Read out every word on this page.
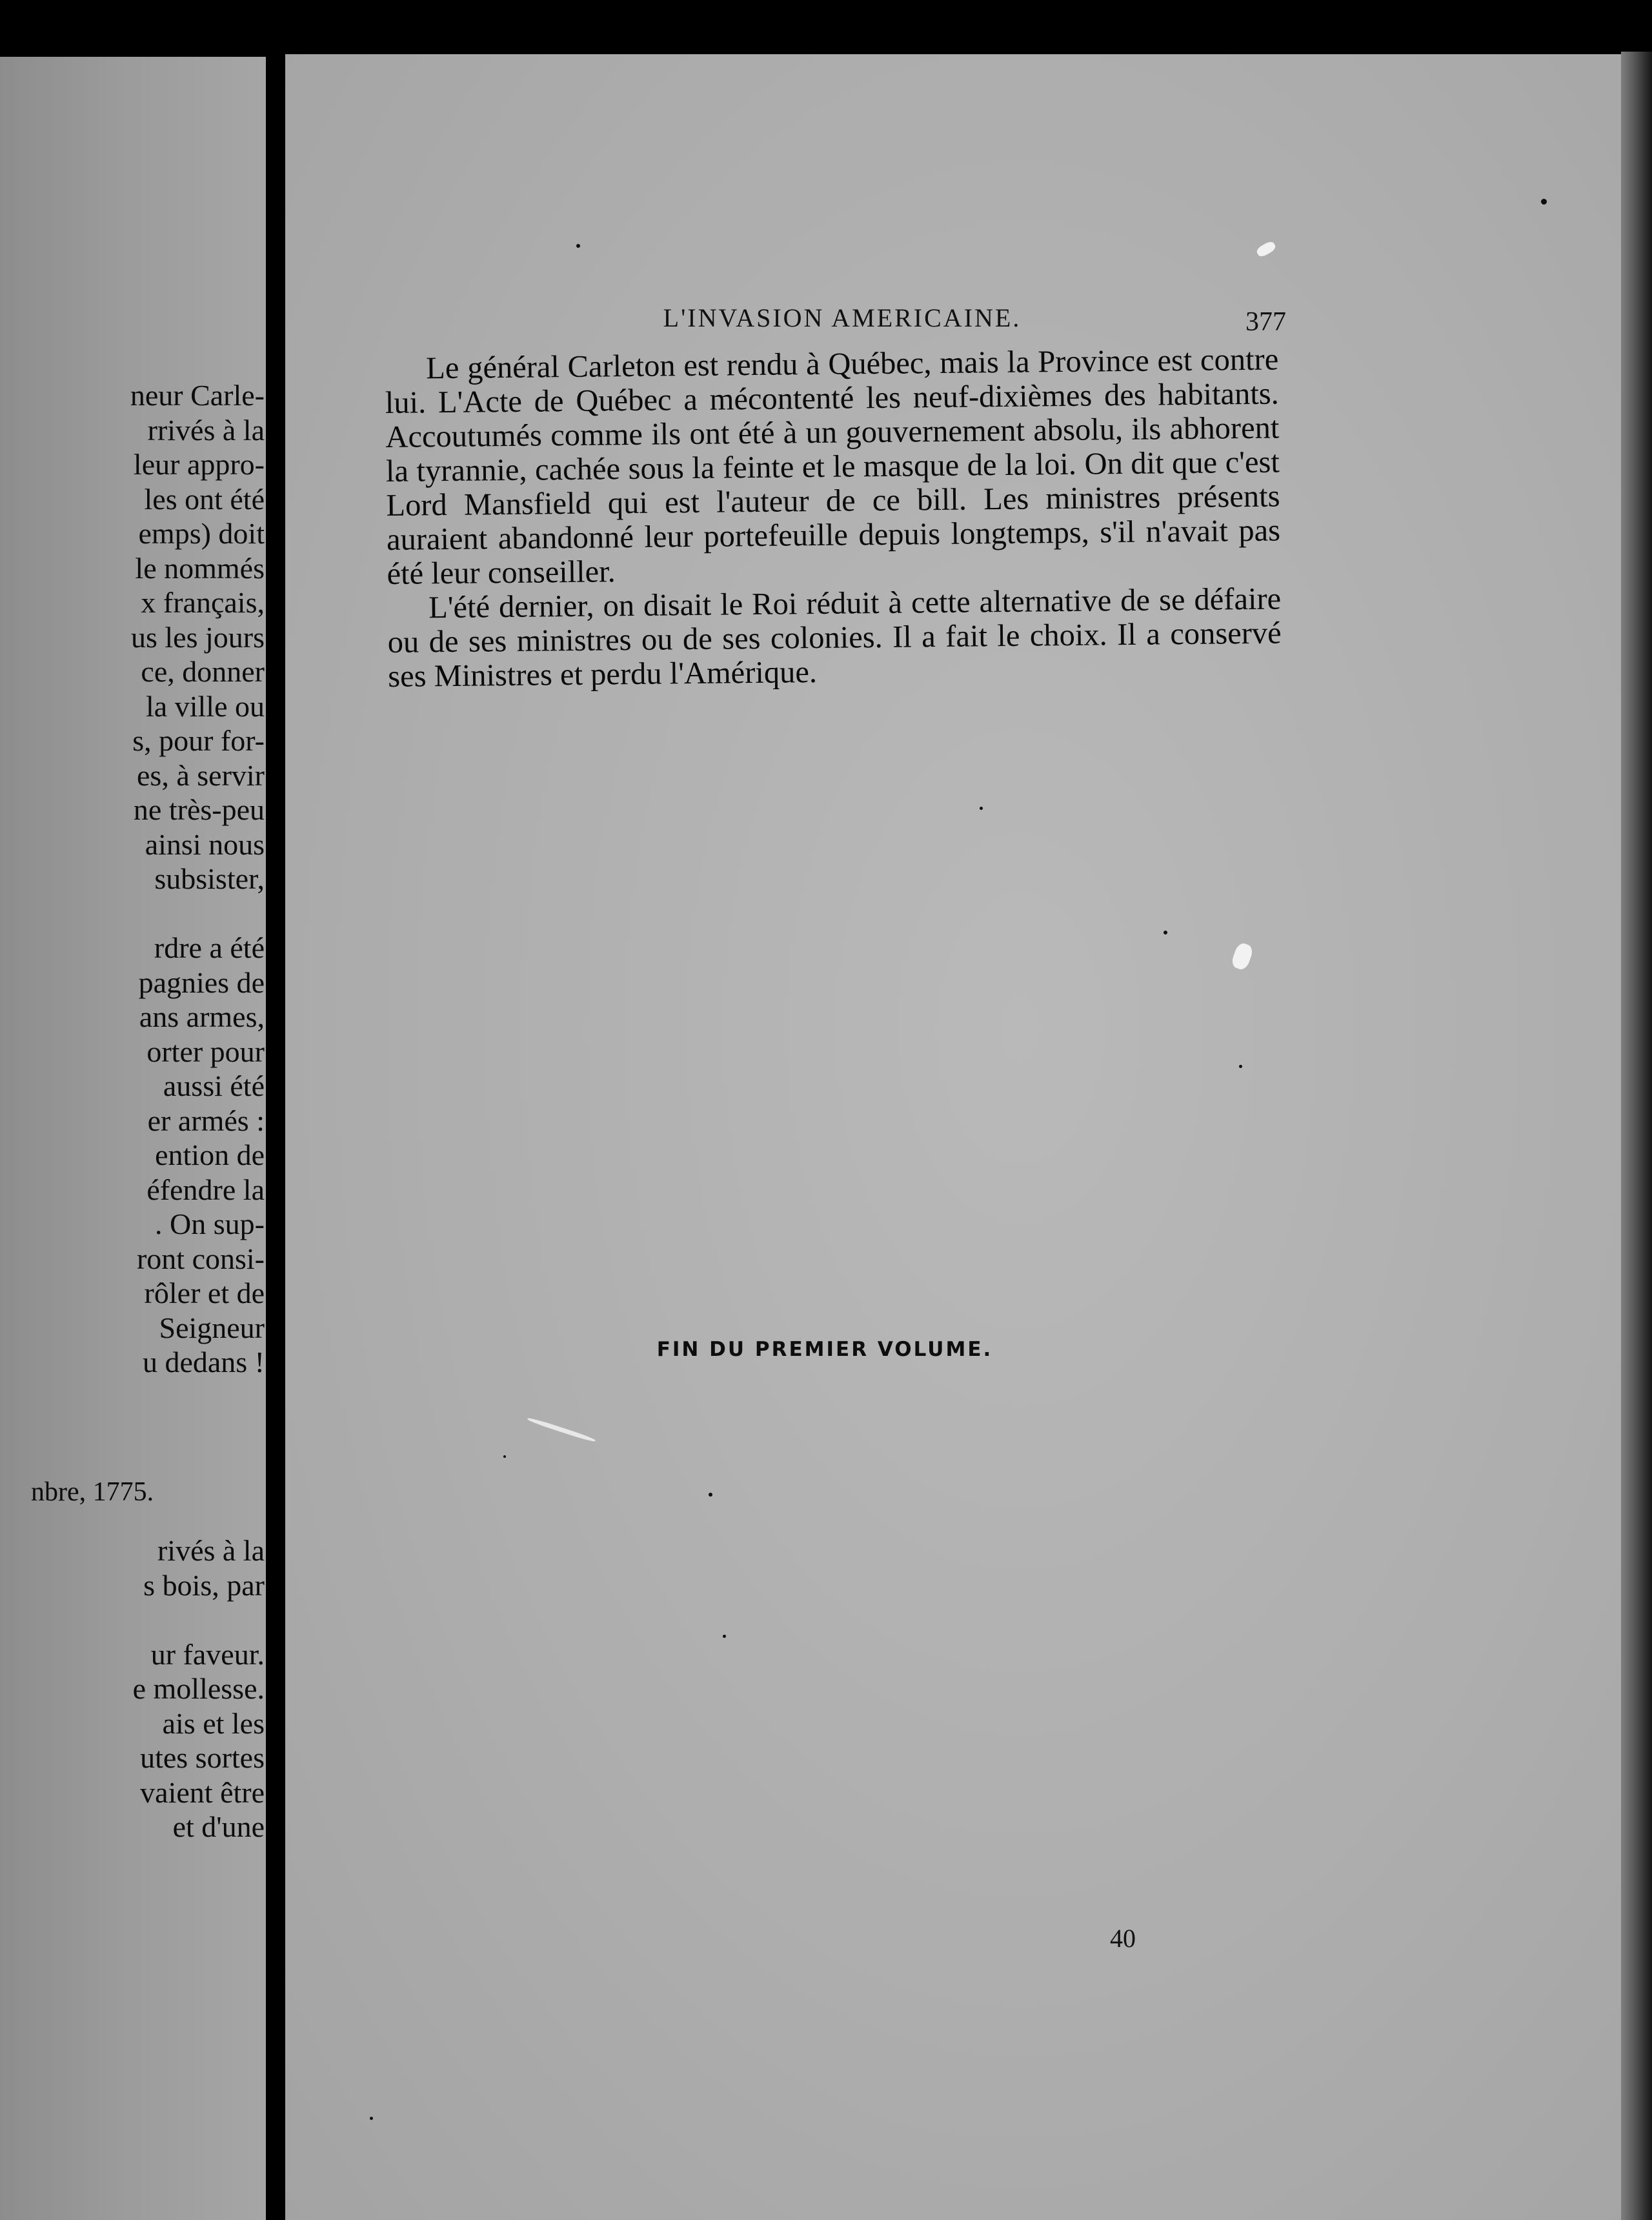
neur Carle-
rrivés à la
leur appro-
les ont été
emps) doit
le nommés
x français,
us les jours
ce, donner
la ville ou
s, pour for-
es, à servir
ne très-peu
ainsi nous
subsister,
rdre a été
pagnies de
ans armes,
orter pour
aussi été
er armés :
ention de
éfendre la
. On sup-
ront consi-
rôler et de
Seigneur
u dedans !
nbre, 1775.
rivés à la
s bois, par
ur faveur.
e mollesse.
ais et les
utes sortes
vaient être
et d'une
L'INVASION AMERICAINE.	377

Le général Carleton est rendu à Québec, mais la Province est contre lui. L'Acte de Québec a mécontenté les neuf-dixièmes des habitants. Accoutumés comme ils ont été à un gouvernement absolu, ils abhorent la tyrannie, cachée sous la feinte et le masque de la loi. On dit que c'est Lord Mansfield qui est l'auteur de ce bill. Les ministres présents auraient abandonné leur portefeuille depuis longtemps, s'il n'avait pas été leur conseiller.

L'été dernier, on disait le Roi réduit à cette alternative de se défaire ou de ses ministres ou de ses colonies. Il a fait le choix. Il a conservé ses Ministres et perdu l'Amérique.

FIN DU PREMIER VOLUME.
40
